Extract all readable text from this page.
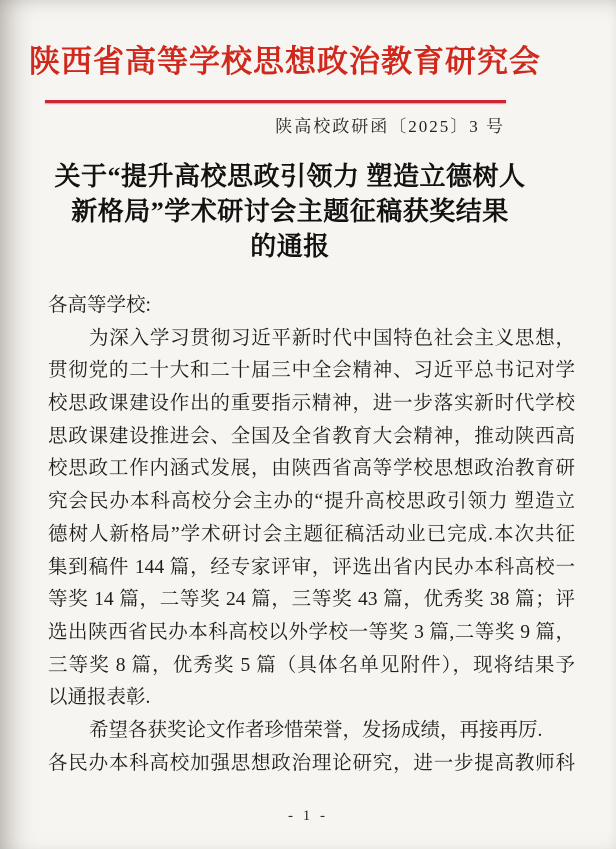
陕西省高等学校思想政治教育研究会
陕高校政研函〔2025〕3 号
关于“提升高校思政引领力 塑造立德树人
新格局”学术研讨会主题征稿获奖结果
的通报
各高等学校:
为深入学习贯彻习近平新时代中国特色社会主义思想，
贯彻党的二十大和二十届三中全会精神、习近平总书记对学
校思政课建设作出的重要指示精神，进一步落实新时代学校
思政课建设推进会、全国及全省教育大会精神，推动陕西高
校思政工作内涵式发展，由陕西省高等学校思想政治教育研
究会民办本科高校分会主办的“提升高校思政引领力 塑造立
德树人新格局”学术研讨会主题征稿活动业已完成.本次共征
集到稿件 144 篇，经专家评审，评选出省内民办本科高校一
等奖 14 篇，二等奖 24 篇，三等奖 43 篇，优秀奖 38 篇；评
选出陕西省民办本科高校以外学校一等奖 3 篇,二等奖 9 篇，
三等奖 8 篇，优秀奖 5 篇（具体名单见附件），现将结果予
以通报表彰.
希望各获奖论文作者珍惜荣誉，发扬成绩，再接再厉.
各民办本科高校加强思想政治理论研究，进一步提高教师科
- 1 -
